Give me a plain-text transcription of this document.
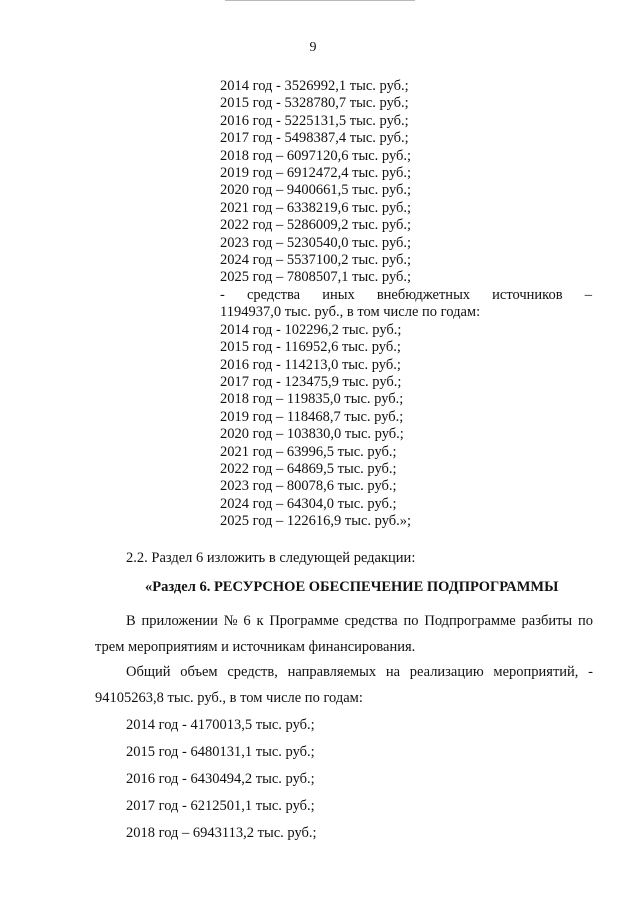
9
2014 год - 3526992,1 тыс. руб.;
2015 год - 5328780,7 тыс. руб.;
2016 год - 5225131,5 тыс. руб.;
2017 год - 5498387,4 тыс. руб.;
2018 год – 6097120,6 тыс. руб.;
2019 год – 6912472,4 тыс. руб.;
2020 год – 9400661,5 тыс. руб.;
2021 год – 6338219,6 тыс. руб.;
2022 год – 5286009,2 тыс. руб.;
2023 год – 5230540,0 тыс. руб.;
2024 год – 5537100,2 тыс. руб.;
2025 год – 7808507,1 тыс. руб.;
- средства иных внебюджетных источников –
1194937,0 тыс. руб., в том числе по годам:
2014 год - 102296,2 тыс. руб.;
2015 год - 116952,6 тыс. руб.;
2016 год - 114213,0 тыс. руб.;
2017 год - 123475,9 тыс. руб.;
2018 год – 119835,0 тыс. руб.;
2019 год – 118468,7 тыс. руб.;
2020 год – 103830,0 тыс. руб.;
2021 год – 63996,5 тыс. руб.;
2022 год – 64869,5 тыс. руб.;
2023 год – 80078,6 тыс. руб.;
2024 год – 64304,0 тыс. руб.;
2025 год – 122616,9 тыс. руб.»;
2.2. Раздел 6 изложить в следующей редакции:
«Раздел 6. РЕСУРСНОЕ ОБЕСПЕЧЕНИЕ ПОДПРОГРАММЫ
В приложении № 6 к Программе средства по Подпрограмме разбиты по
трем мероприятиям и источникам финансирования.
Общий объем средств, направляемых на реализацию мероприятий, -
94105263,8 тыс. руб., в том числе по годам:
2014 год - 4170013,5 тыс. руб.;
2015 год - 6480131,1 тыс. руб.;
2016 год - 6430494,2 тыс. руб.;
2017 год - 6212501,1 тыс. руб.;
2018 год – 6943113,2 тыс. руб.;
